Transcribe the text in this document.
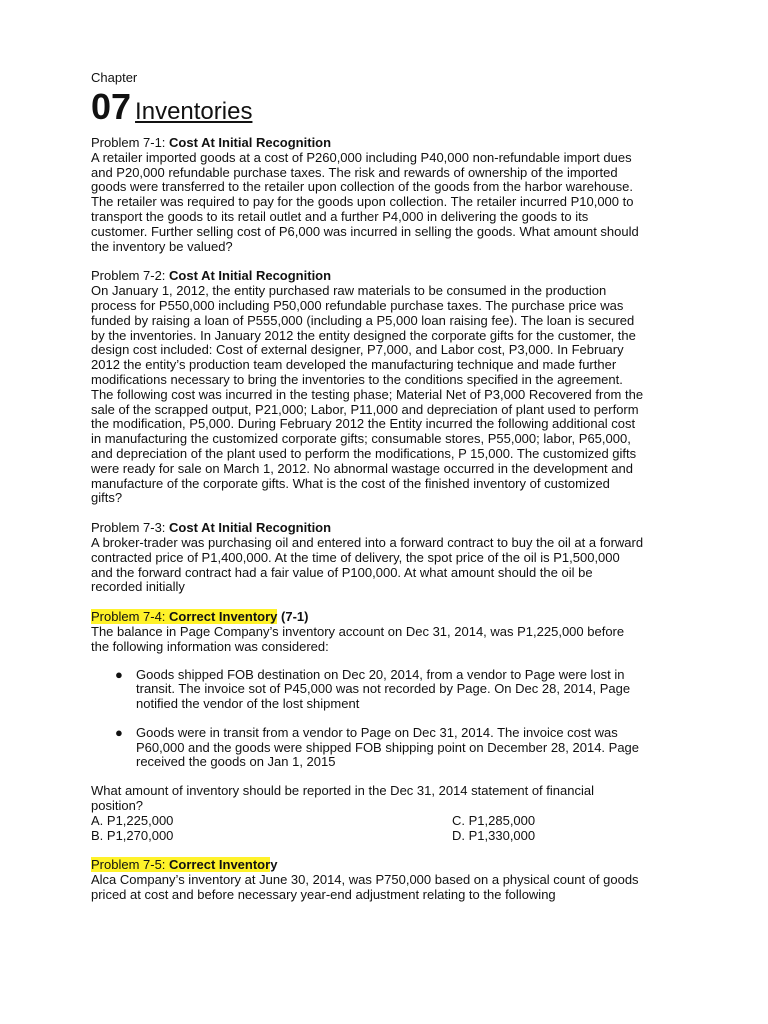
Chapter

07 Inventories

Problem 7-1: Cost At Initial Recognition

A retailer imported goods at a cost of P260,000 including P40,000 non-refundable import dues
and P20,000 refundable purchase taxes. The risk and rewards of ownership of the imported
goods were transferred to the retailer upon collection of the goods from the harbor warehouse.
The retailer was required to pay for the goods upon collection. The retailer incurred P10,000 to
transport the goods to its retail outlet and a further P4,000 in delivering the goods to its
customer. Further selling cost of P6,000 was incurred in selling the goods. What amount should
the inventory be valued?

Problem 7-2: Cost At Initial Recognition

On January 1, 2012, the entity purchased raw materials to be consumed in the production
process for P550,000 including P50,000 refundable purchase taxes. The purchase price was
funded by raising a loan of P555,000 (including a P5,000 loan raising fee). The loan is secured
by the inventories. In January 2012 the entity designed the corporate gifts for the customer, the
design cost included: Cost of external designer, P7,000, and Labor cost, P3,000. In February
2012 the entity’s production team developed the manufacturing technique and made further
modifications necessary to bring the inventories to the conditions specified in the agreement.
The following cost was incurred in the testing phase; Material Net of P3,000 Recovered from the
sale of the scrapped output, P21,000; Labor, P11,000 and depreciation of plant used to perform
the modification, P5,000. During February 2012 the Entity incurred the following additional cost
in manufacturing the customized corporate gifts; consumable stores, P55,000; labor, P65,000,
and depreciation of the plant used to perform the modifications, P 15,000. The customized gifts
were ready for sale on March 1, 2012. No abnormal wastage occurred in the development and
manufacture of the corporate gifts. What is the cost of the finished inventory of customized
gifts?

Problem 7-3: Cost At Initial Recognition

A broker-trader was purchasing oil and entered into a forward contract to buy the oil at a forward
contracted price of P1,400,000. At the time of delivery, the spot price of the oil is P1,500,000
and the forward contract had a fair value of P100,000. At what amount should the oil be
recorded initially

Problem 7-4: Correct Inventory (7-1)

The balance in Page Company’s inventory account on Dec 31, 2014, was P1,225,000 before
the following information was considered:

● Goods shipped FOB destination on Dec 20, 2014, from a vendor to Page were lost in
transit. The invoice sot of P45,000 was not recorded by Page. On Dec 28, 2014, Page
notified the vendor of the lost shipment
● Goods were in transit from a vendor to Page on Dec 31, 2014. The invoice cost was
P60,000 and the goods were shipped FOB shipping point on December 28, 2014. Page
received the goods on Jan 1, 2015

What amount of inventory should be reported in the Dec 31, 2014 statement of financial
position?

A. P1,225,000	C. P1,285,000
B. P1,270,000	D. P1,330,000

Problem 7-5: Correct Inventory

Alca Company’s inventory at June 30, 2014, was P750,000 based on a physical count of goods
priced at cost and before necessary year-end adjustment relating to the following
